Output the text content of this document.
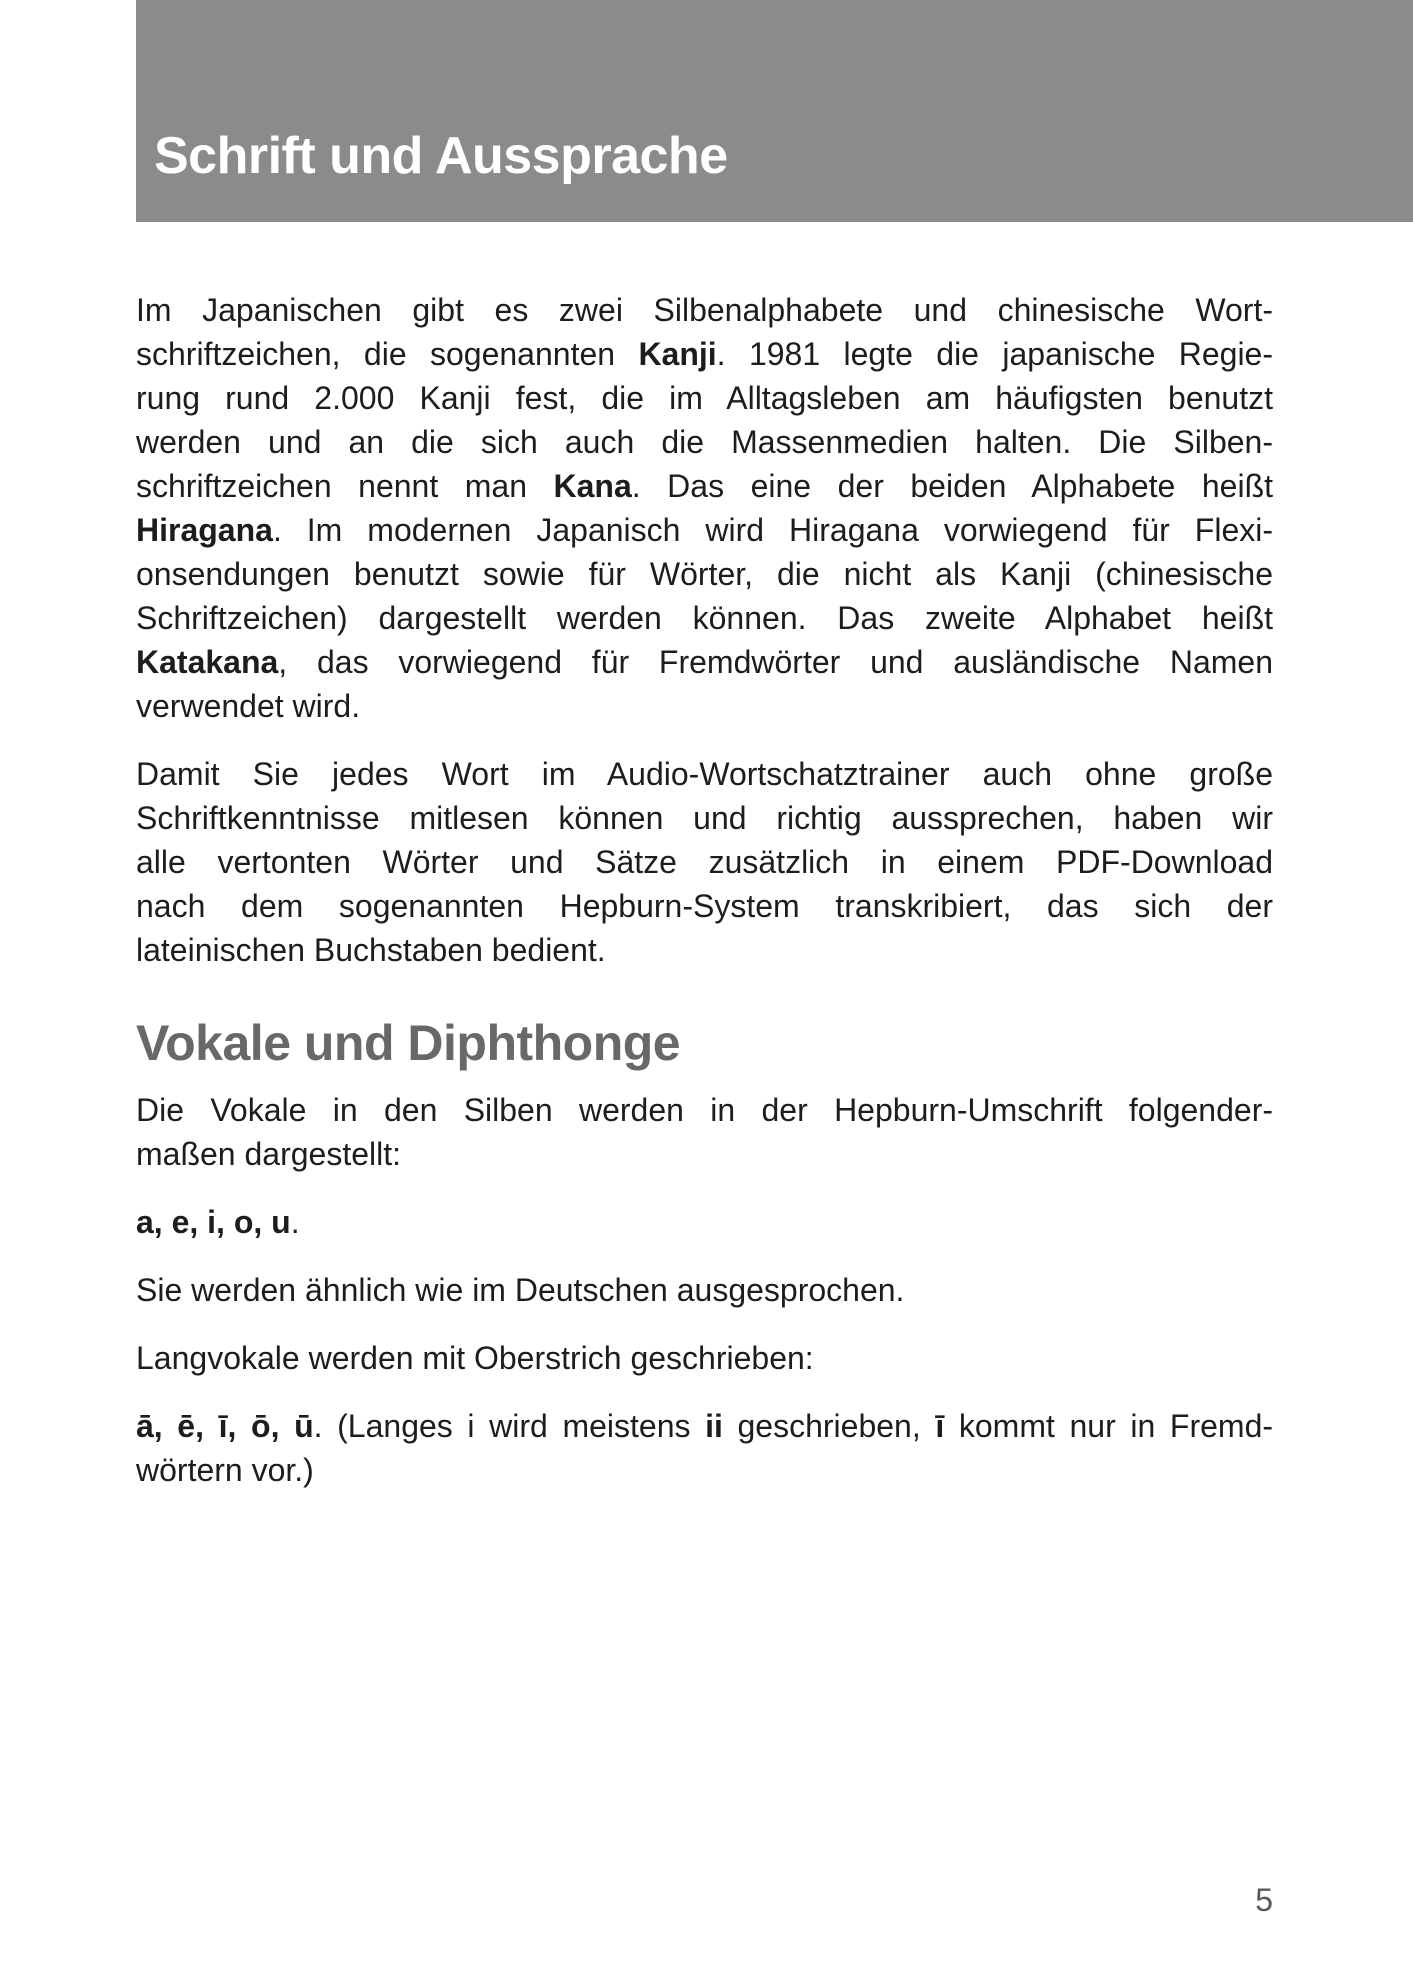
Schrift und Aussprache
Im Japanischen gibt es zwei Silbenalphabete und chinesische Wort-
schriftzeichen, die sogenannten Kanji. 1981 legte die japanische Regie-
rung rund 2.000 Kanji fest, die im Alltagsleben am häufigsten benutzt
werden und an die sich auch die Massenmedien halten. Die Silben-
schriftzeichen nennt man Kana. Das eine der beiden Alphabete heißt
Hiragana. Im modernen Japanisch wird Hiragana vorwiegend für Flexi-
onsendungen benutzt sowie für Wörter, die nicht als Kanji (chinesische
Schriftzeichen) dargestellt werden können. Das zweite Alphabet heißt
Katakana, das vorwiegend für Fremdwörter und ausländische Namen
verwendet wird.
Damit Sie jedes Wort im Audio-Wortschatztrainer auch ohne große
Schriftkenntnisse mitlesen können und richtig aussprechen, haben wir
alle vertonten Wörter und Sätze zusätzlich in einem PDF-Download
nach dem sogenannten Hepburn-System transkribiert, das sich der
lateinischen Buchstaben bedient.
Vokale und Diphthonge
Die Vokale in den Silben werden in der Hepburn-Umschrift folgender-
maßen dargestellt:
a, e, i, o, u.
Sie werden ähnlich wie im Deutschen ausgesprochen.
Langvokale werden mit Oberstrich geschrieben:
ā, ē, ī, ō, ū. (Langes i wird meistens ii geschrieben, ī kommt nur in Fremd-
wörtern vor.)
5
